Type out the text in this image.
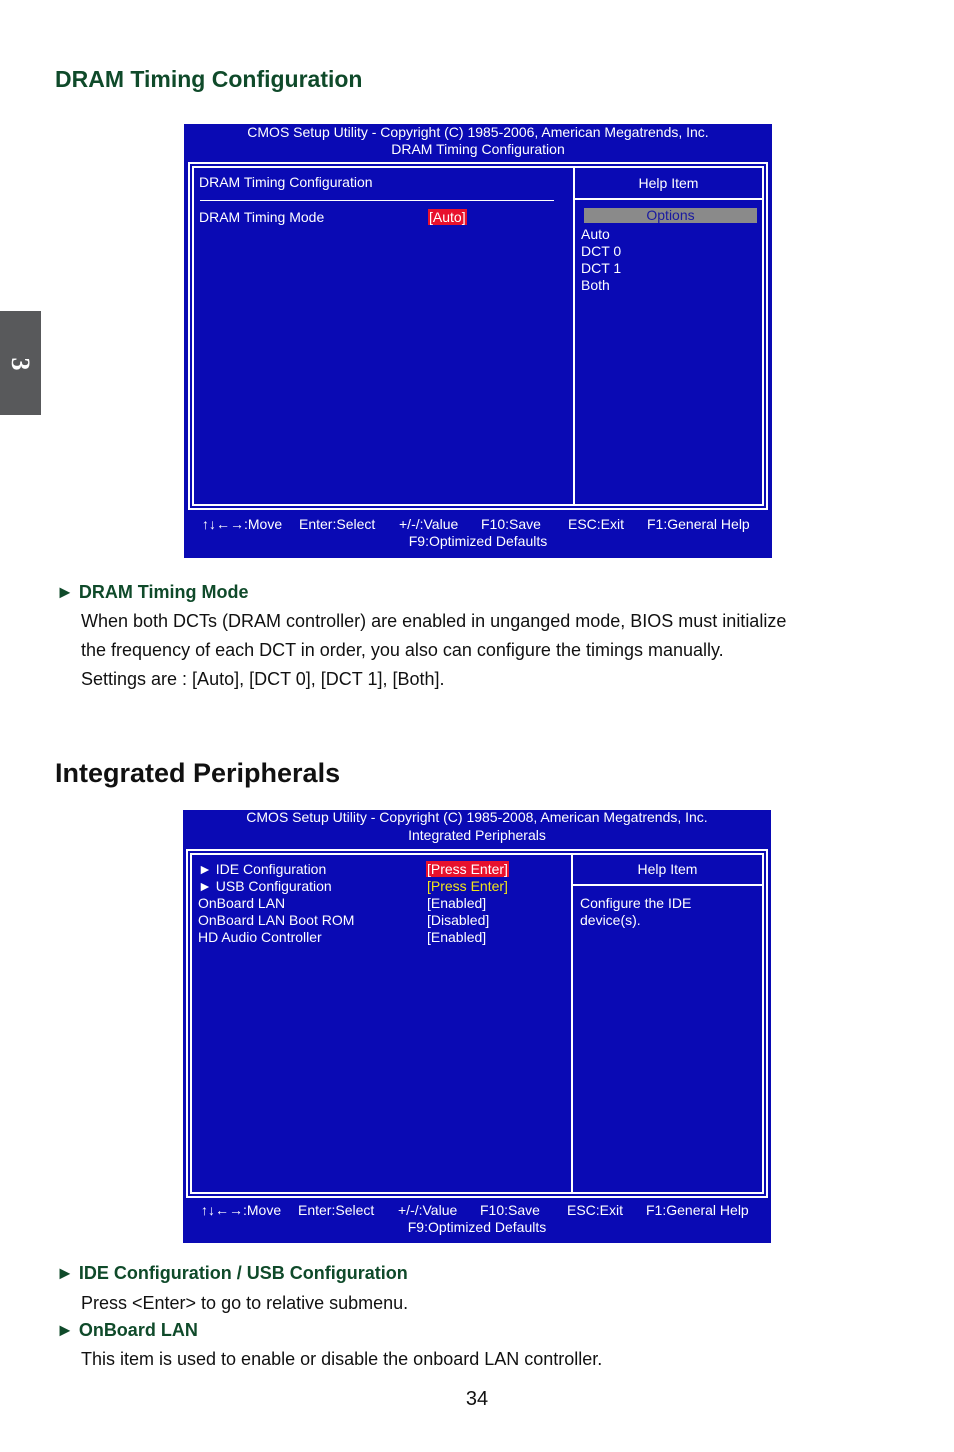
3
DRAM Timing Configuration
CMOS Setup Utility - Copyright (C) 1985-2006, American Megatrends, Inc.
DRAM Timing Configuration
DRAM Timing Configuration
DRAM Timing Mode	[Auto]
Help Item
Options
Auto
DCT 0
DCT 1
Both
↑↓←→:Move Enter:Select +/-/:Value F10:Save ESC:Exit F1:General Help
F9:Optimized Defaults
► DRAM Timing Mode
When both DCTs (DRAM controller) are enabled in unganged mode, BIOS must initialize
the frequency of each DCT in order, you also can configure the timings manually.
Settings are : [Auto], [DCT 0], [DCT 1], [Both].
Integrated Peripherals
CMOS Setup Utility - Copyright (C) 1985-2008, American Megatrends, Inc.
Integrated Peripherals
► IDE Configuration	[Press Enter]
► USB Configuration	[Press Enter]
OnBoard LAN	[Enabled]
OnBoard LAN Boot ROM	[Disabled]
HD Audio Controller	[Enabled]
Help Item
Configure the IDE
device(s).
↑↓←→:Move Enter:Select +/-/:Value F10:Save ESC:Exit F1:General Help
F9:Optimized Defaults
► IDE Configuration / USB Configuration
Press <Enter> to go to relative submenu.
► OnBoard LAN
This item is used to enable or disable the onboard LAN controller.
34
